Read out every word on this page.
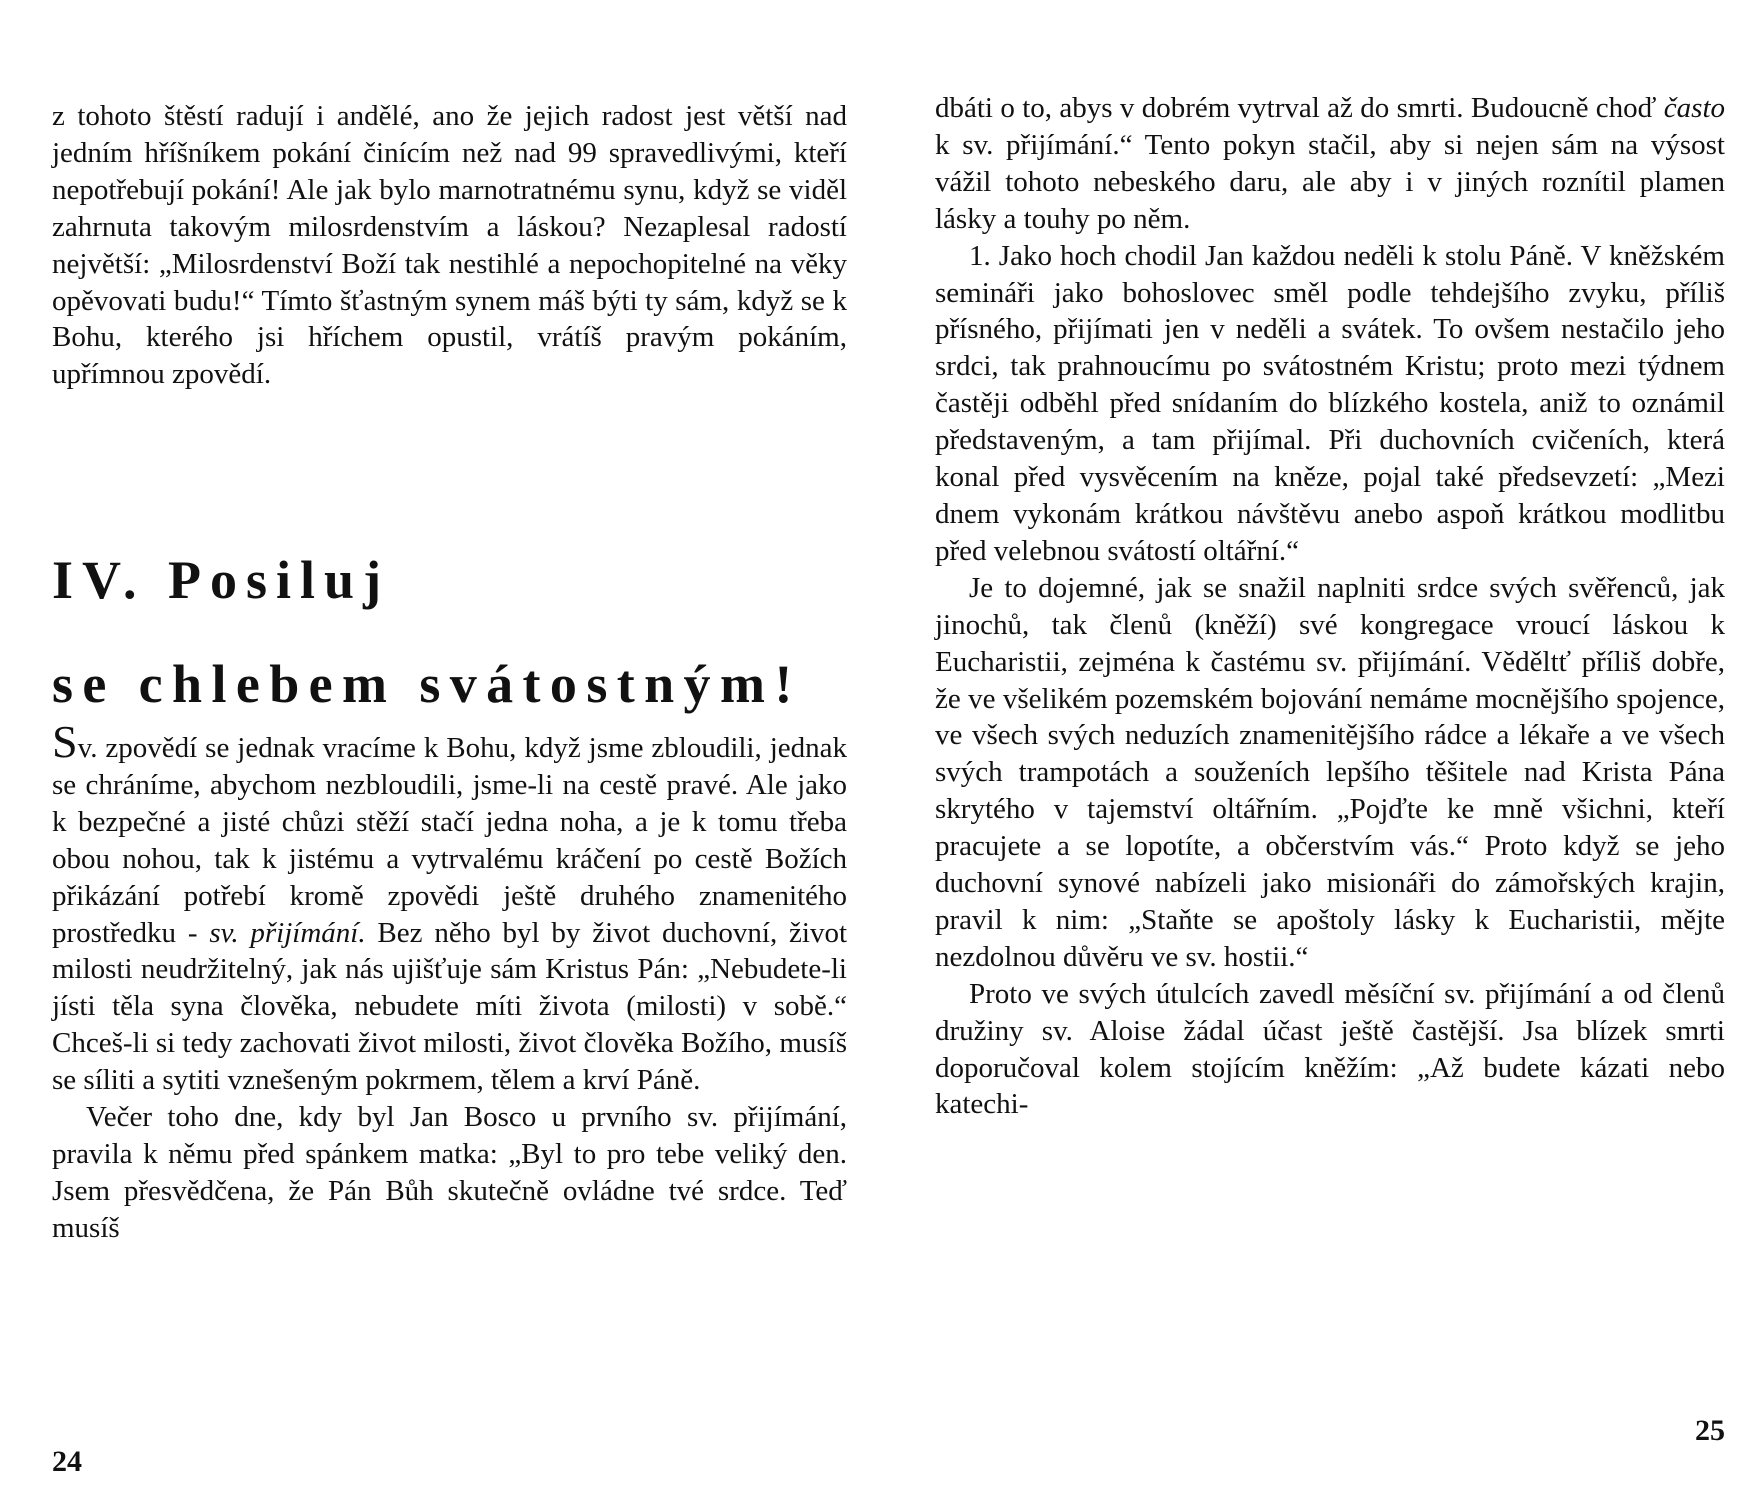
z tohoto štěstí radují i andělé, ano že jejich radost jest větší nad jedním hříšníkem pokání činícím než nad 99 spravedlivými, kteří nepotřebují pokání! Ale jak bylo marnotratnému synu, když se viděl zahrnuta takovým milosrdenstvím a láskou? Nezaplesal radostí největší: „Milosrdenství Boží tak nestihlé a nepochopitelné na věky opěvovati budu!“ Tímto šťastným synem máš býti ty sám, když se k Bohu, kterého jsi hříchem opustil, vrátíš pravým pokáním, upřímnou zpovědí.

IV. Posiluj
se chlebem svátostným!

Sv. zpovědí se jednak vracíme k Bohu, když jsme zbloudili, jednak se chráníme, abychom nezbloudili, jsme-li na cestě pravé. Ale jako k bezpečné a jisté chůzi stěží stačí jedna noha, a je k tomu třeba obou nohou, tak k jistému a vytrvalému kráčení po cestě Božích přikázání potřebí kromě zpovědi ještě druhého znamenitého prostředku - sv. přijímání. Bez něho byl by život duchovní, život milosti neudržitelný, jak nás ujišťuje sám Kristus Pán: „Nebudete-li jísti těla syna člověka, nebudete míti života (milosti) v sobě.“ Chceš-li si tedy zachovati život milosti, život člověka Božího, musíš se síliti a sytiti vznešeným pokrmem, tělem a krví Páně.

Večer toho dne, kdy byl Jan Bosco u prvního sv. přijímání, pravila k němu před spánkem matka: „Byl to pro tebe veliký den. Jsem přesvědčena, že Pán Bůh skutečně ovládne tvé srdce. Teď musíš

24

dbáti o to, abys v dobrém vytrval až do smrti. Budoucně choď často k sv. přijímání.“ Tento pokyn stačil, aby si nejen sám na výsost vážil tohoto nebeského daru, ale aby i v jiných roznítil plamen lásky a touhy po něm.

1. Jako hoch chodil Jan každou neděli k stolu Páně. V kněžském semináři jako bohoslovec směl podle tehdejšího zvyku, příliš přísného, přijímati jen v neděli a svátek. To ovšem nestačilo jeho srdci, tak prahnoucímu po svátostném Kristu; proto mezi týdnem častěji odběhl před snídaním do blízkého kostela, aniž to oznámil představeným, a tam přijímal. Při duchovních cvičeních, která konal před vysvěcením na kněze, pojal také předsevzetí: „Mezi dnem vykonám krátkou návštěvu anebo aspoň krátkou modlitbu před velebnou svátostí oltářní.“

Je to dojemné, jak se snažil naplniti srdce svých svěřenců, jak jinochů, tak členů (kněží) své kongregace vroucí láskou k Eucharistii, zejména k častému sv. přijímání. Věděltť příliš dobře, že ve všelikém pozemském bojování nemáme mocnějšího spojence, ve všech svých neduzích znamenitějšího rádce a lékaře a ve všech svých trampotách a souženích lepšího těšitele nad Krista Pána skrytého v tajemství oltářním. „Pojďte ke mně všichni, kteří pracujete a se lopotíte, a občerstvím vás.“ Proto když se jeho duchovní synové nabízeli jako misionáři do zámořských krajin, pravil k nim: „Staňte se apoštoly lásky k Eucharistii, mějte nezdolnou důvěru ve sv. hostii.“

Proto ve svých útulcích zavedl měsíční sv. přijímání a od členů družiny sv. Aloise žádal účast ještě častější. Jsa blízek smrti doporučoval kolem stojícím kněžím: „Až budete kázati nebo katechi-

25
